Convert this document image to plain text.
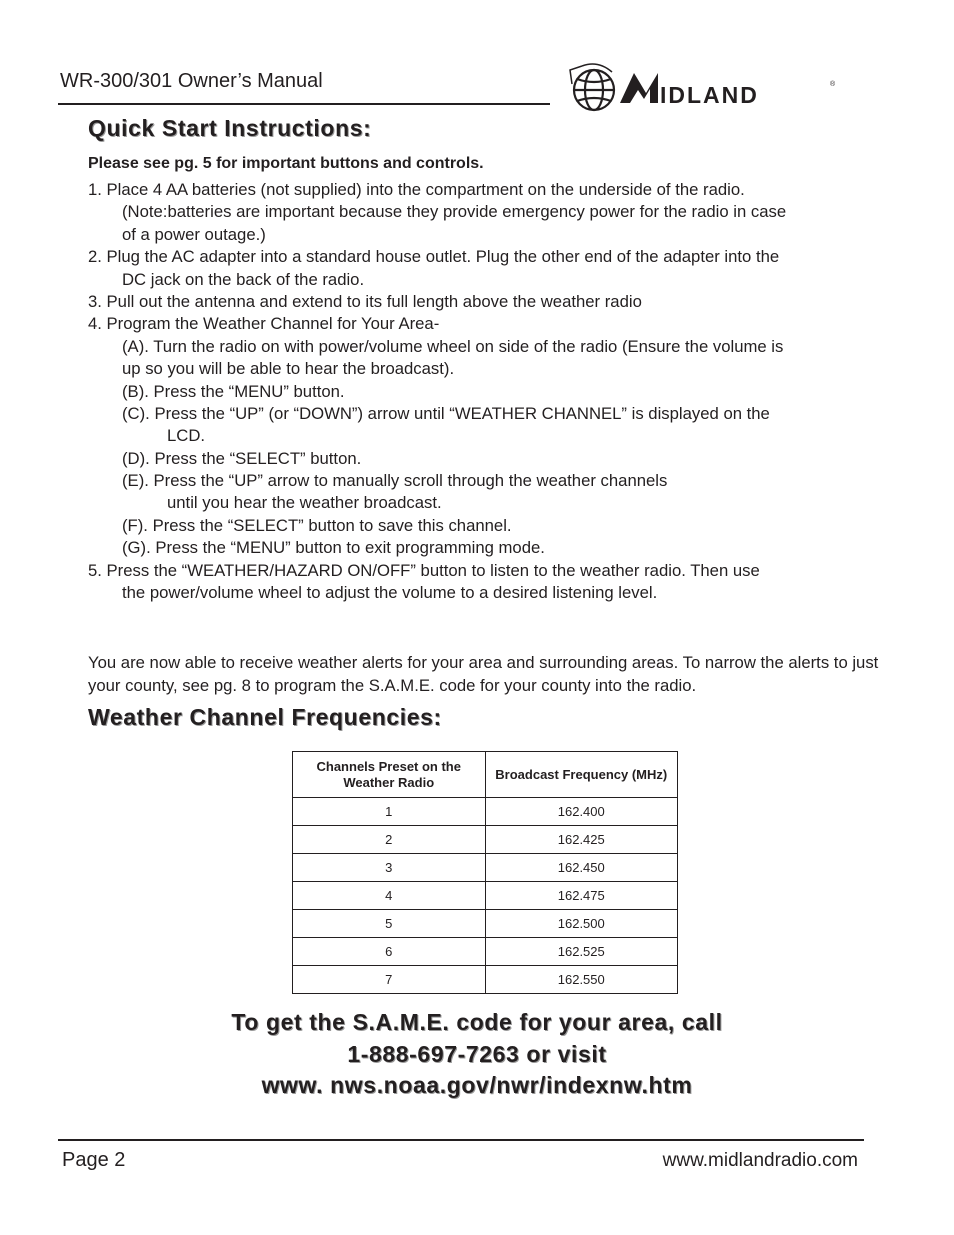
WR-300/301 Owner’s Manual
IDLAND	®
Quick Start Instructions:
Please see pg. 5 for important buttons and controls.
1. Place 4 AA batteries (not supplied) into the compartment on the underside of the radio.
(Note:batteries are important because they provide emergency power for the radio in case
of a power outage.)
2. Plug the AC adapter into a standard house outlet. Plug the other end of the adapter into the
DC jack on the back of the radio.
3. Pull out the antenna and extend to its full length above the weather radio
4. Program the Weather Channel for Your Area-
(A). Turn the radio on with power/volume wheel on side of the radio (Ensure the volume is
up so you will be able to hear the broadcast).
(B). Press the “MENU” button.
(C). Press the “UP” (or “DOWN”) arrow until “WEATHER CHANNEL” is displayed on the
LCD.
(D). Press the “SELECT” button.
(E). Press the “UP” arrow to manually scroll through the weather channels
until you hear the weather broadcast.
(F). Press the “SELECT” button to save this channel.
(G). Press the “MENU” button to exit programming mode.
5. Press the “WEATHER/HAZARD ON/OFF” button to listen to the weather radio. Then use
the power/volume wheel to adjust the volume to a desired listening level.
You are now able to receive weather alerts for your area and surrounding areas. To narrow the alerts to just your county, see pg. 8 to program the S.A.M.E. code for your county into the radio.
Weather Channel Frequencies:
Channels Preset on the Weather Radio	Broadcast Frequency (MHz)
1	162.400
2	162.425
3	162.450
4	162.475
5	162.500
6	162.525
7	162.550
To get the S.A.M.E. code for your area, call
1-888-697-7263 or visit
www. nws.noaa.gov/nwr/indexnw.htm
Page 2	www.midlandradio.com
